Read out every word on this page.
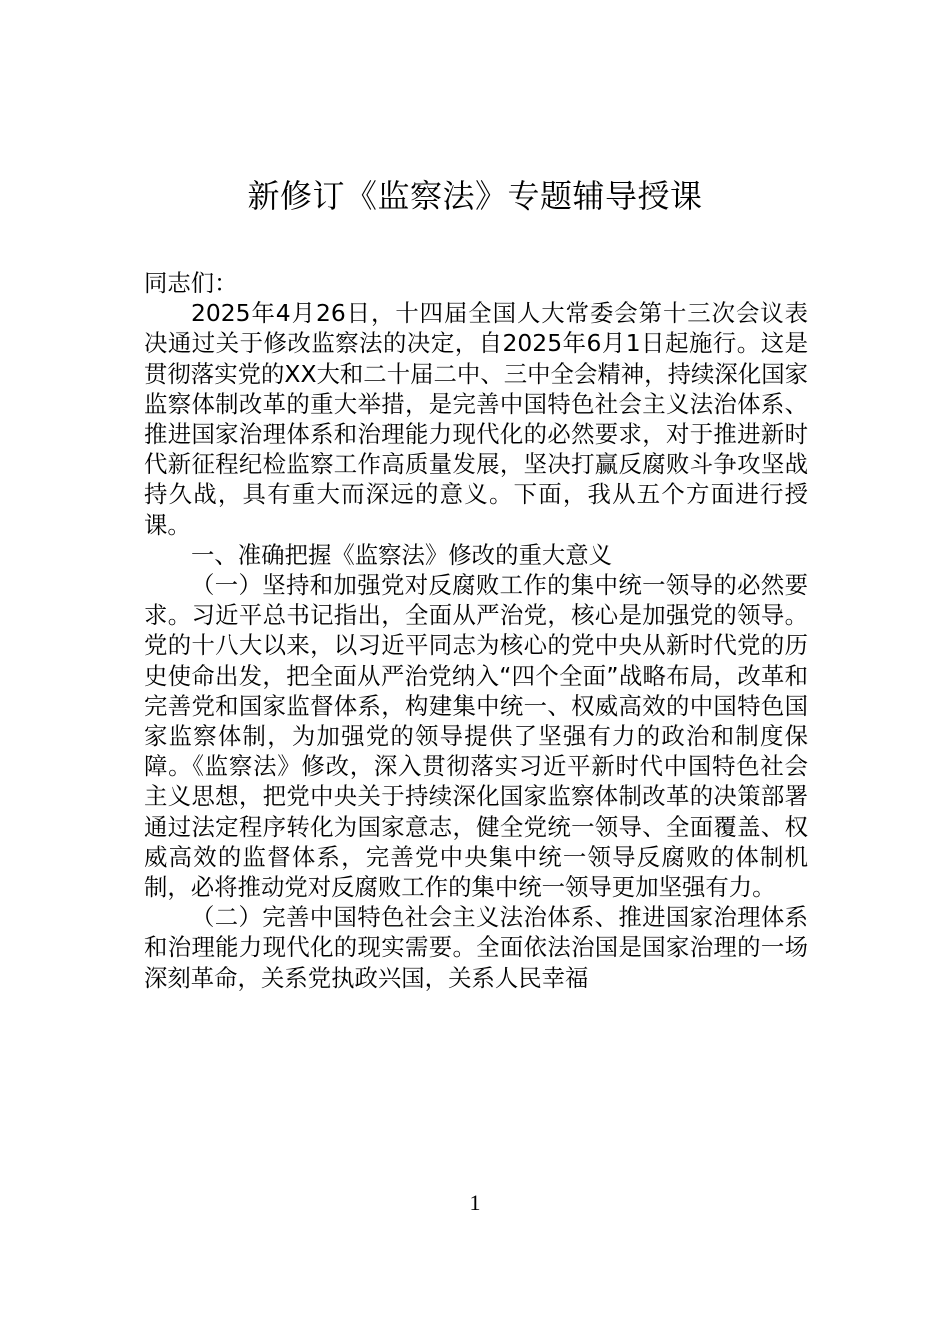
新修订《监察法》专题辅导授课

同志们：

2025年4月26日，十四届全国人大常委会第十三次会议表决通过关于修改监察法的决定，自2025年6月1日起施行。这是贯彻落实党的XX大和二十届二中、三中全会精神，持续深化国家监察体制改革的重大举措，是完善中国特色社会主义法治体系、推进国家治理体系和治理能力现代化的必然要求，对于推进新时代新征程纪检监察工作高质量发展，坚决打赢反腐败斗争攻坚战持久战，具有重大而深远的意义。下面，我从五个方面进行授课。

一、准确把握《监察法》修改的重大意义

（一）坚持和加强党对反腐败工作的集中统一领导的必然要求。习近平总书记指出，全面从严治党，核心是加强党的领导。党的十八大以来，以习近平同志为核心的党中央从新时代党的历史使命出发，把全面从严治党纳入“四个全面”战略布局，改革和完善党和国家监督体系，构建集中统一、权威高效的中国特色国家监察体制，为加强党的领导提供了坚强有力的政治和制度保障。《监察法》修改，深入贯彻落实习近平新时代中国特色社会主义思想，把党中央关于持续深化国家监察体制改革的决策部署通过法定程序转化为国家意志，健全党统一领导、全面覆盖、权威高效的监督体系，完善党中央集中统一领导反腐败的体制机制，必将推动党对反腐败工作的集中统一领导更加坚强有力。

（二）完善中国特色社会主义法治体系、推进国家治理体系和治理能力现代化的现实需要。全面依法治国是国家治理的一场深刻革命，关系党执政兴国，关系人民幸福

1
